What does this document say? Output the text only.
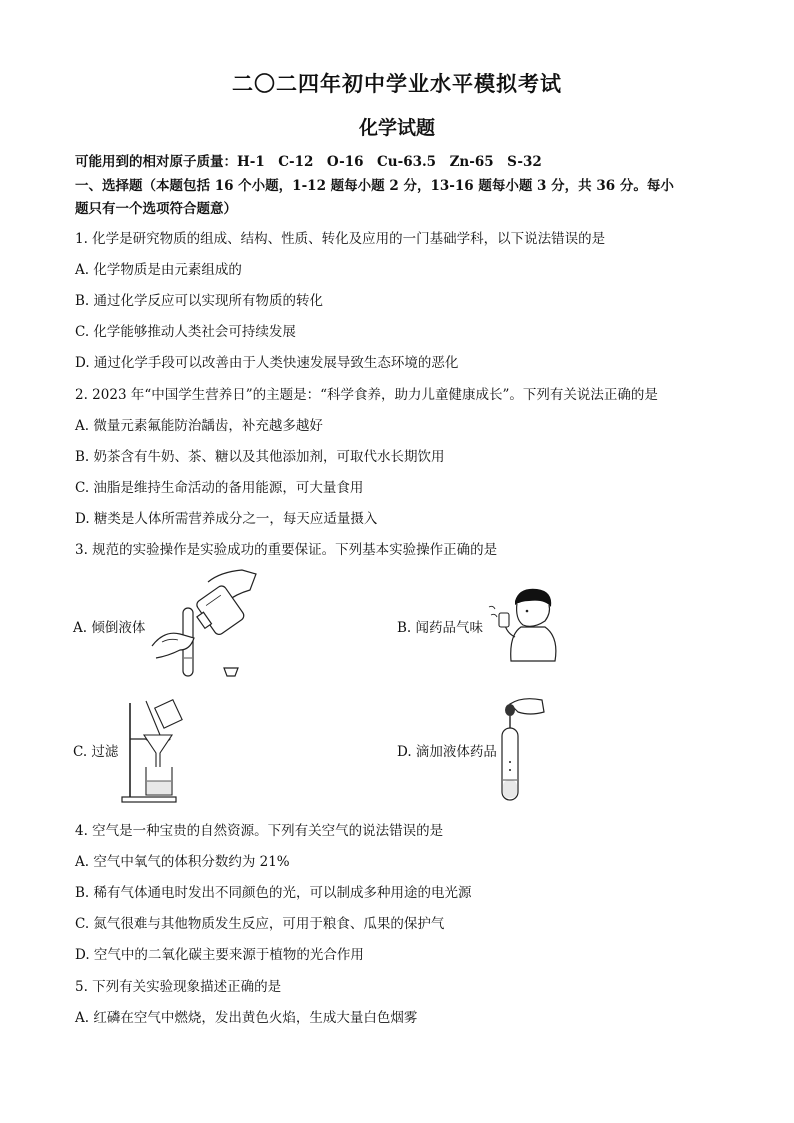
二〇二四年初中学业水平模拟考试
化学试题
可能用到的相对原子质量：H-1　C-12　O-16　Cu-63.5　Zn-65　S-32
一、选择题（本题包括 16 个小题，1-12 题每小题 2 分，13-16 题每小题 3 分，共 36 分。每小
题只有一个选项符合题意）
1. 化学是研究物质的组成、结构、性质、转化及应用的一门基础学科，以下说法错误的是
A. 化学物质是由元素组成的
B. 通过化学反应可以实现所有物质的转化
C. 化学能够推动人类社会可持续发展
D. 通过化学手段可以改善由于人类快速发展导致生态环境的恶化
2. 2023 年“中国学生营养日”的主题是：“科学食养，助力儿童健康成长”。下列有关说法正确的是
A. 微量元素氟能防治龋齿，补充越多越好
B. 奶茶含有牛奶、茶、糖以及其他添加剂，可取代水长期饮用
C. 油脂是维持生命活动的备用能源，可大量食用
D. 糖类是人体所需营养成分之一，每天应适量摄入
3. 规范的实验操作是实验成功的重要保证。下列基本实验操作正确的是
A. 倾倒液体	B. 闻药品气味
C. 过滤	D. 滴加液体药品
4. 空气是一种宝贵的自然资源。下列有关空气的说法错误的是
A. 空气中氧气的体积分数约为 21%
B. 稀有气体通电时发出不同颜色的光，可以制成多种用途的电光源
C. 氮气很难与其他物质发生反应，可用于粮食、瓜果的保护气
D. 空气中的二氧化碳主要来源于植物的光合作用
5. 下列有关实验现象描述正确的是
A. 红磷在空气中燃烧，发出黄色火焰，生成大量白色烟雾
